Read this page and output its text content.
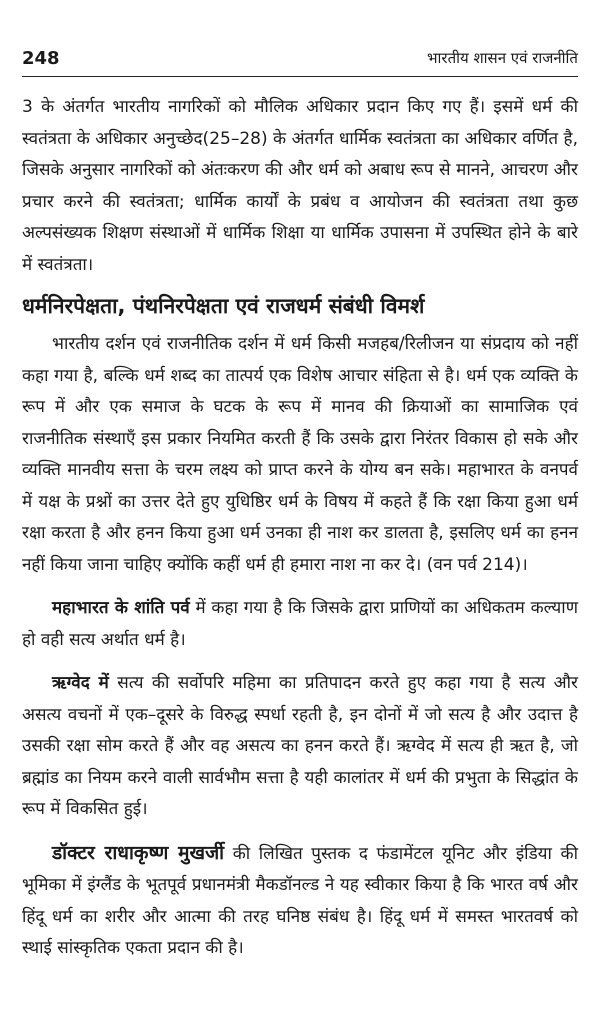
248	भारतीय शासन एवं राजनीति

3 के अंतर्गत भारतीय नागरिकों को मौलिक अधिकार प्रदान किए गए हैं। इसमें धर्म की स्वतंत्रता के अधिकार अनुच्छेद(25–28) के अंतर्गत धार्मिक स्वतंत्रता का अधिकार वर्णित है, जिसके अनुसार नागरिकों को अंतःकरण की और धर्म को अबाध रूप से मानने, आचरण और प्रचार करने की स्वतंत्रता; धार्मिक कार्यों के प्रबंध व आयोजन की स्वतंत्रता तथा कुछ अल्पसंख्यक शिक्षण संस्थाओं में धार्मिक शिक्षा या धार्मिक उपासना में उपस्थित होने के बारे में स्वतंत्रता।

धर्मनिरपेक्षता, पंथनिरपेक्षता एवं राजधर्म संबंधी विमर्श

भारतीय दर्शन एवं राजनीतिक दर्शन में धर्म किसी मजहब/रिलीजन या संप्रदाय को नहीं कहा गया है, बल्कि धर्म शब्द का तात्पर्य एक विशेष आचार संहिता से है। धर्म एक व्यक्ति के रूप में और एक समाज के घटक के रूप में मानव की क्रियाओं का सामाजिक एवं राजनीतिक संस्थाएँ इस प्रकार नियमित करती हैं कि उसके द्वारा निरंतर विकास हो सके और व्यक्ति मानवीय सत्ता के चरम लक्ष्य को प्राप्त करने के योग्य बन सके। महाभारत के वनपर्व में यक्ष के प्रश्नों का उत्तर देते हुए युधिष्ठिर धर्म के विषय में कहते हैं कि रक्षा किया हुआ धर्म रक्षा करता है और हनन किया हुआ धर्म उनका ही नाश कर डालता है, इसलिए धर्म का हनन नहीं किया जाना चाहिए क्योंकि कहीं धर्म ही हमारा नाश ना कर दे। (वन पर्व 214)।

महाभारत के शांति पर्व में कहा गया है कि जिसके द्वारा प्राणियों का अधिकतम कल्याण हो वही सत्य अर्थात धर्म है।

ऋग्वेद में सत्य की सर्वोपरि महिमा का प्रतिपादन करते हुए कहा गया है सत्य और असत्य वचनों में एक–दूसरे के विरुद्ध स्पर्धा रहती है, इन दोनों में जो सत्य है और उदात्त है उसकी रक्षा सोम करते हैं और वह असत्य का हनन करते हैं। ऋग्वेद में सत्य ही ऋत है, जो ब्रह्मांड का नियम करने वाली सार्वभौम सत्ता है यही कालांतर में धर्म की प्रभुता के सिद्धांत के रूप में विकसित हुई।

डॉक्टर राधाकृष्ण मुखर्जी की लिखित पुस्तक द फंडामेंटल यूनिट और इंडिया की भूमिका में इंग्लैंड के भूतपूर्व प्रधानमंत्री मैकडॉनल्ड ने यह स्वीकार किया है कि भारत वर्ष और हिंदू धर्म का शरीर और आत्मा की तरह घनिष्ठ संबंध है। हिंदू धर्म में समस्त भारतवर्ष को स्थाई सांस्कृतिक एकता प्रदान की है।
